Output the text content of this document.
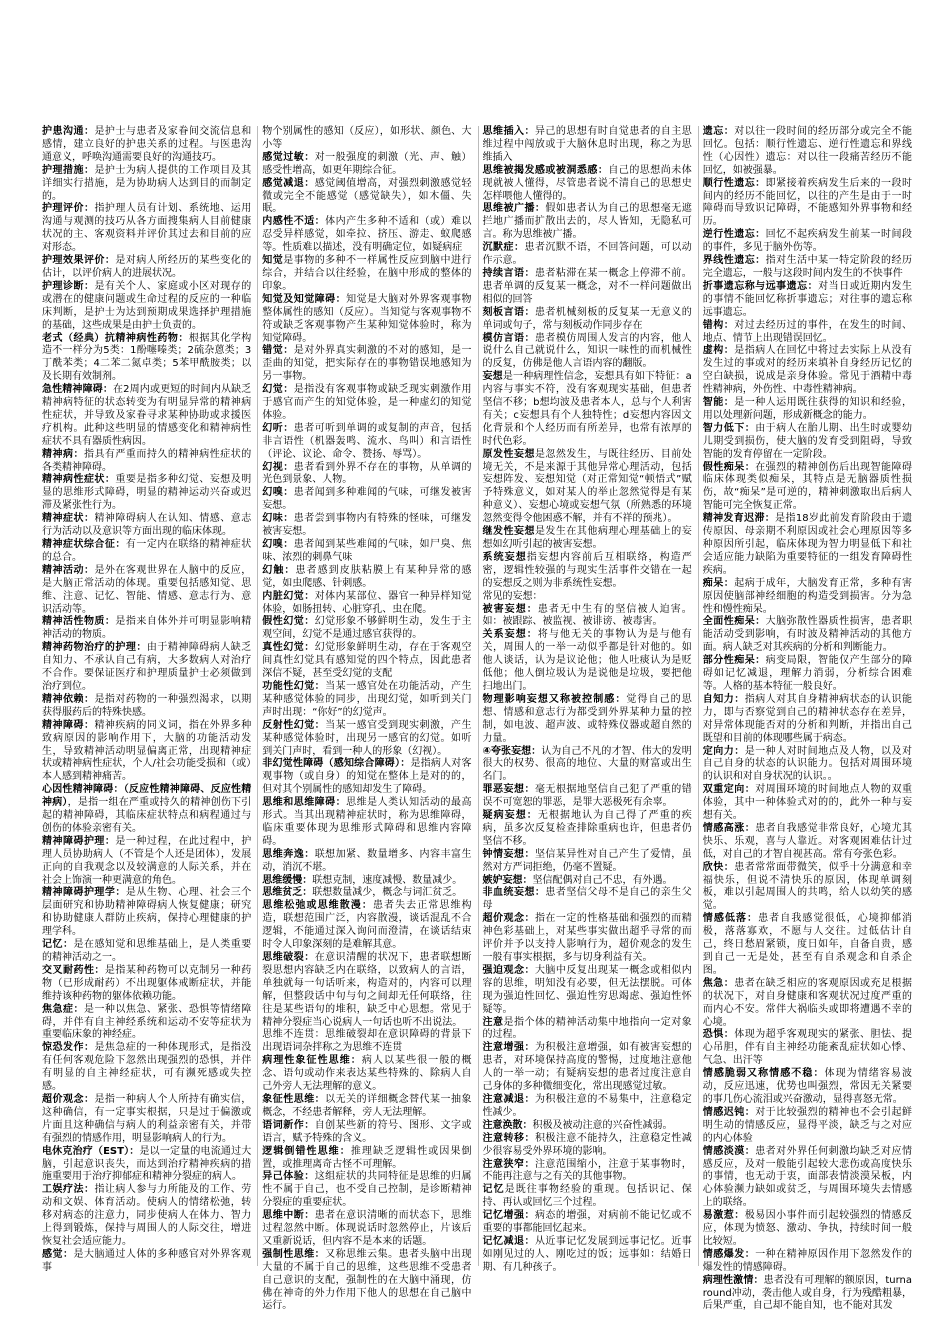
护患沟通：是护士与患者及家眷间交流信息和感情，建立良好的护患关系的过程。与医患沟通意义，呼唤沟通需要良好的沟通技巧。

护理措施：是护士为病人提供的工作项目及其详细实行措施，是为协助病人达到目的而制定的。

护理评价：指护理人员有计划、系统地、运用沟通与观测的技巧从各方面搜集病人目前健康状况的主、客观资料并评价其过去和目前的应对形态。

护理效果评价：是对病人所经历的某些变化的估计，以评价病人的进展状况。

护理诊断：是有关个人、家庭或小区对现存的或潜在的健康问题或生命过程的反应的一种临床判断，是护士为达到预期成果选择护理措施的基础，这些成果是由护士负责的。

老式（经典）抗精神病性药物：根据其化学构造不一样分为5类：1酚噻嗪类；2硫杂蒽类；3丁酰苯类；4二苯二氮卓类；5苯甲酰胺类；以及长期有效制剂。

急性精神障碍：在2周内或更短的时间内从缺乏精神病特征的状态转变为有明显异常的精神病性症状，并导致及家眷寻求某种协助或求援医疗机构。此种这些明显的情感变化和精神病性症状不具有器质性病因。

精神病：指具有严重而持久的精神病性症状的各类精神障碍。

精神病性症状：重要是指多种幻觉、妄想及明显的思维形式障碍，明显的精神运动兴奋或迟滞及紧张性行为。

精神症状：精神障碍病人在认知、情感、意志行为活动以及意识等方面出现的临床体现。

精神症状综合征：有一定内在联络的精神症状的总合。

精神活动：是外在客观世界在人脑中的反应，是大脑正常活动的体现。重要包括感知觉、思维、注意、记忆、智能、情感、意志行为、意识活动等。

精神活性物质：是指来自体外并可明显影响精神活动的物质。

精神药物治疗的护理：由于精神障碍病人缺乏自知力、不承认自己有病，大多数病人对治疗不合作。要保证医疗和护理质量护士必须做到治疗到位。

精神依赖：是指对药物的一种强烈渴求，以期获得服药后的特殊快感。

精神障碍：精神疾病的同义词，指在外界多种致病原因的影响作用下，大脑的功能活动发生，导致精神活动明显偏离正常，出现精神症状或精神病性症状，个人/社会功能受损和（或）本人感到精神痛苦。

心因性精神障碍：（反应性精神障碍、反应性精神病），是指一组在严重或持久的精神创伤下引起的精神障碍，其临床症状特点和病程通过与创伤的体验亲密有关。

精神障碍护理：是一种过程，在此过程中，护理人员协助病人（不管是个人还是团体），发展正向的自我观念以及较满意的人际关系，并在社会上饰演一种更满意的角色。

精神障碍护理学：是从生物、心理、社会三个层面研究和协助精神障碍病人恢复健康；研究和协助健康人群防止疾病，保持心理健康的护理学科。

记忆：是在感知觉和思维基础上，是人类重要的精神活动之一。

交叉耐药性：是指某种药物可以克制另一种药物（已形成耐药）不出现躯体戒断症状，并能维持该种药物的躯体依赖功能。

焦急症：是一种以焦急、紧张、恐惧等情绪障碍，并伴有自主神经系统和运动不安等症状为重要临床象的神经症。

惊恐发作：是焦急症的一种体现形式，是指没有任何客观危险下忽然出现强烈的恐惧，并伴有明显的自主神经症状，可有濒死感或失控感。

超价观念：是指一种病人个人所持有确实信，这种确信，有一定事实根据，只是过于偏激或片面且这种确信与病人的利益亲密有关，并带有强烈的情感作用，明显影响病人的行为。

电休克治疗（EST）：是以一定量的电流通过大脑，引起意识丧失，而达到治疗精神疾病的措施重要用于治疗抑郁症和精神分裂症的病人。

工娱疗法：指让病人参与力所能及的工作、劳动和文娱、体育活动。使病人的情绪松弛，转移对病态的注意力，同步使病人在体力、智力上得到锻炼，保持与周围人的人际交往，增进恢复社会适应能力。

感觉：是大脑通过人体的多种感官对外界客观事

物个别属性的感知（反应），如形状、颜色、大小等

感觉过敏：对一般强度的刺激（光、声、触）感受性增高，如更年期综合征。

感觉减退：感觉阈值增高，对强烈刺激感觉轻微或完全不能感觉（感觉缺失），如木僵、失眠。

内感性不适：体内产生多种不适和（或）难以忍受异样感觉，如牵拉、挤压、游走、蚁爬感等。性质难以描述，没有明确定位，如疑病症

知觉是事物的多种不一样属性反应到脑中进行综合，并结合以往经验，在脑中形成的整体的印象。

知觉及知觉障碍：知觉是大脑对外界客观事物整体属性的感知（反应）。当知觉与客观事物不符或缺乏客观事物产生某种知觉体验时，称为知觉障碍。

错觉：是对外界真实刺激的不对的感知，是一歪曲的知觉，把实际存在的事物错误地感知为另一事物。

幻觉：是指没有客观事物或缺乏现实刺激作用于感官而产生的知觉体验，是一种虚幻的知觉体验。

幻听：患者可听到单调的或复制的声音，包括非言语性（机器轰鸣、流水、鸟叫）和言语性（评论、议论、命令、赞扬、辱骂）。

幻视：患者看到外界不存在的事物，从单调的光色到景象、人物。

幻嗅：患者闻到多种难闻的气味，可继发被害妄想。

幻味：患者尝到事物内有特殊的怪味，可继发被害妄想。

幻嗅：患者闻到某些难闻的气味，如尸臭、焦味、浓烈的刺鼻气味

幻触：患者感到皮肤粘膜上有某种异常的感觉，如虫爬感、针刺感。

内脏幻觉：对体内某部位、器官一种异样知觉体验，如肠扭转、心脏穿孔、虫在爬。

假性幻觉：幻觉形象不够鲜明生动，发生于主观空间，幻觉不是通过感官获得的。

真性幻觉：幻觉形象鲜明生动，存在于客观空间真性幻觉具有感知觉的四个特点，因此患者深信不疑，甚至受幻觉的支配

功能性幻觉：当某一感官处在功能活动，产生某种感觉体验的同步，出现幻觉，如听到关门声时出现：“你好”的幻觉声。

反射性幻觉：当某一感官受到现实刺激，产生某种感觉体验时，出现另一感官的幻觉。如听到关门声时，看到一种人的形象（幻视）。

非幻觉性障碍（感知综合障碍）：是指病人对客观事物（或自身）的知觉在整体上是对的的，但对其个别属性的感知却发生了障碍。

思维和思维障碍：思维是人类认知活动的最高形式。当其出现精神症状时，称为思维障碍，临床重要体现为思维形式障碍和思维内容障碍。

思维奔逸：联想加紧、数量增多、内容丰富生动，消沉不堪。

思维缓慢：联想克制，速度减慢、数量减少。

思维贫乏：联想数量减少，概念与词汇贫乏。

思维松弛或思维散漫：患者失去正常思维构造，联想范围广泛，内容散漫，谈话混乱不合逻辑，不能通过深入询问而澄清，在谈话结束时令人印象深刻的是难解其意。

思维破裂：在意识清醒的状况下，患者联想断裂思想内容缺乏内在联络，以致病人的言语，单独就每一句话听来，构造对的，内容可以理解，但整段话中句与句之间却无任何联络，往往是某些语句的堆积，缺乏中心思想。常见于精神分裂症当心说病人一句话也听不出说法。

思维不连贯：思维破裂却在意识障碍的背景下出现语词杂拌称之为思维不连贯

病理性象征性思维：病人以某些很一般的概念、语句或动作来表达某些特殊的、除病人自己外旁人无法理解的意义。

象征性思维：以无关的详细概念替代某一抽象概念，不经患者解释，旁人无法理解。

语词新作：自创某些新的符号、图形、文字或语言，赋予特殊的含义。

逻辑倒错性思维：推理缺乏逻辑性或因果倒置，或推理离奇古怪不可理解。

异己体验：这组症状的共同特征是思维的归属性不属于自己，也不受自己控制，是诊断精神分裂症的重要症状。

思维中断：患者在意识清晰的而状态下，思维过程忽然中断。体现说话时忽然停止，片该后又重新说话，但内容不是本来的话题。

强制性思维：又称思维云集。患者头脑中出现大量的不属于自己的思维，这些思维不受患者自己意识的支配，强制性的在大脑中涌现，仿佛在神奇的外力作用下他人的思想在自己脑中运行。

思维插入：异己的思想有时自觉患者的自主思维过程中闯放或于大脑休息时出现，称之为思维插入

思维被揭发感或被洞悉感：自己的思想尚未体现就被人懂得，尽管患者说不清自己的思想史怎样喂他人懂得的。

思维被广播：假如患者认为自己的思想毫无遮拦地广播而扩散出去的，尽人皆知，无隐私可言。称为思维被广播。

沉默症：患者沉默不语，不回答问题，可以动作示意。

持续言语：患者粘滞在某一概念上停滞不前。患者单调的反复某一概念，对不一样问题做出相似的回答

刻板言语：患者机械刻板的反复某一无意义的单词或句子，常与刻板动作同步存在

模仿言语：患者模仿周围人发言的内容，他人说什么自己就说什么，知识一味性的而机械性的反复，仿佛是他人言语内容的翻版。

妄想是一种病理性信念，妄想具有如下特征：a内容与事实不符，没有客观现实基础，但患者坚信不移；b想均波及患者本人，总与个人利害有关；c妄想具有个人独特性；d妄想内容因文化背景和个人经历而有所差异，也常有浓厚的时代色彩。

原发性妄想是忽然发生，与既往经历、目前处境无关，不是来源于其他异常心理活动，包括妄想阵发、妄想知觉（对正常知觉“顿悟式”赋予特殊意义，如对某人的举止忽然觉得是有某种意义）、妄想心境或妄想气氛（所熟悉的环境忽然变得令他困惑不解，并有不祥的预兆）。

继发性妄想是发生在其他病理心理基础上的妄想如幻听引起的被害妄想。

系统妄想指妄想内容前后互相联络，构造严密，逻辑性较强的与现实生活事件交错在一起的妄想反之则为非系统性妄想。

常见的妄想：

被害妄想：患者无中生有的坚信被人迫害。如：被跟踪、被监视、被诽谤、被毒害。

关系妄想：将与他无关的事物认为是与他有关，周围人的一举一动似乎都是针对他的。如他人谈话，认为是议论他；他人吐痰认为是贬低他；他人倒垃圾认为是说他是垃圾，要把他扫地出门。

物理影响妄想又称被控制感：觉得自己的思想、情感和意志行为都受到外界某种力量的控制，如电波、超声波、或特殊仪器或超自然的力量。

④夸张妄想：认为自己不凡的才智、伟大的发明很大的权势、很高的地位、大量的财富或出生名门。

罪恶妄想：毫无根据地坚信自己犯了严重的错误不可宽恕的罪恶，是罪大恶极死有余辜。

疑病妄想：无根据地认为自己得了严重的疾病，虽多次反复检查排除重病也许，但患者仍坚信不移。

钟情妄想：坚信某异性对自己产生了爱情，虽然对方严词拒绝，仍毫不置疑。

嫉妒妄想：坚信配偶对自己不忠，有外遇。

非血统妄想：患者坚信父母不是自己的亲生父母

超价观念：指在一定的性格基础和强烈的而精神色彩基础上，对某些事实做出超乎寻常的而评价并予以支持人影响行为，超价观念的发生一般有事实根据，多与切身利益有关。

强迫观念：大脑中反复出现某一概念或相似内容的思维，明知没有必要，但无法摆脱。可体现为强迫性回忆、强迫性穷思竭虑、强迫性怀疑等。

注意是指个体的精神活动集中地指向一定对象的过程。

注意增强：为积极注意增强，如有被害妄想的患者，对环境保持高度的警惕，过度地注意他人的一举一动；有疑病妄想的患者过度注意自己身体的多种微细变化，常出现感觉过敏。

注意减退：为积极注意的不易集中，注意稳定性减少。

注意涣散：积极及被动注意的兴奋性减弱。

注意转移：积极注意不能持久，注意稳定性减少很容易受外界环境的影响。

注意狭窄：注意范围缩小，注意于某事物时，不能再注意与之有关的其他事物。

记忆是既往事物经验的重现。包括识记、保持、再认或回忆三个过程。

记忆增强：病态的增强，对病前不能记忆或不重要的事都能回忆起来。

记忆减退：从近事记忆发展到远事记忆。近事如刚见过的人、刚吃过的饭；远事如：结婚日期、有几种孩子。

遗忘：对以往一段时间的经历部分或完全不能回忆。包括：顺行性遗忘、逆行性遗忘和界线性（心因性）遗忘：对以往一段痛苦经历不能回忆，如被强暴。

顺行性遗忘：即紧接着疾病发生后来的一段时间内的经历不能回忆，以往的产生是由于一时障碍而导致识记障碍，不能感知外界事物和经历。

逆行性遗忘：回忆不起疾病发生前某一时间段的事件，多见于脑外伤等。

界线性遗忘：指对生活中某一特定阶段的经历完全遗忘，一般与这段时间内发生的不快事件

折事遗忘称与远事遗忘：对当日或近期内发生的事情不能回忆称折事遗忘；对往事的遗忘称远事遗忘。

错构：对过去经历过的事件，在发生的时间、地点、情节上出现错误回忆。

虚构：是指病人在回忆中将过去实际上从没有发生过的事或对的经历来填补自身经历记忆的空白缺损，说成是亲身体验。常见于酒精中毒性精神病，外伤性、中毒性精神病。

智能：是一种人运用既往获得的知识和经验，用以处理新问题，形成新概念的能力。

智力低下：由于病人在胎儿期、出生时或婴幼儿期受到损伤，使大脑的发育受到阻碍，导致智能的发育停留在一定阶段。

假性痴呆：在强烈的精神创伤后出现智能障碍临床体现类似痴呆，其特点是无脑器质性损伤，故“痴呆”是可逆的，精神刺激取出后病人智能可完全恢复正常。

精神发育迟滞：是指18岁此前发育阶段由于遗传原因、母亲期不利原因或社会心理原因等多种原因所引起，临床体现为智力明显低下和社会适应能力缺陷为重要特征的一组发育障碍性疾病。

痴呆：起病于成年，大脑发育正常，多种有害原因使脑部神经细胞的构造受到损害。分为急性和慢性痴呆。

全面性痴呆：大脑弥散性器质性损害，患者职能活动受到影响，有时波及精神活动的其他方面。病人缺乏对其疾病的分析和判断能力。

部分性痴呆：病变局限，智能仅产生部分的障碍如记忆减退，理解力消弱，分析综合困难等。人格的基本特征一般良好。

自知力：指病人对其自身精神病状态的认识能力，即与否察觉到自己的精神状态存在差异，对异常体现能否对的分析和判断，并指出自己既望和目前的体现哪些属于病态。

定向力：是一种人对时间地点及人物，以及对自己自身的状态的认识能力。包括对周围环境的认识和对自身状况的认识。。

双重定向：对周围环境的时间地点人物的双重体验，其中一种体验式对的的，此外一种与妄想有关。

情感高涨：患者自我感觉非常良好，心境尤其快乐、乐观，喜与人靠近。对客观困难估计过低，对自己的才智自视甚高。常有夸张色彩。

欣快：患者常常面带微笑，似乎十分满意和幸福快乐，但说不清快乐的原因，体现单调刻板，难以引起周围人的共鸣，给人以幼笑的感觉。

情感低落：患者自我感觉很低，心境抑郁消极，落落寡欢，不愿与人交往。过低估计自己，终日愁眉紧锁，度日如年，自备自贵，感到自己一无是处，甚至有自杀观念和自杀企图。

焦急：患者在缺乏相应的客观原因或充足根据的状况下，对自身健康和客观状况过度严重的而内心不安。常伴大祸临头或即将遭遇不幸的心境。

恐惧：体现为超乎客观现实的紧张、胆怯、提心吊胆，伴有自主神经功能紊乱症状如心悸、气急、出汗等

情感脆弱又称情感不稳：体现为情绪容易波动，反应迅速，优势也叫强烈，常因无关紧要的事几伤心流泪或兴奋激动，显得喜怒无常。

情感迟钝：对于比较强烈的精神也不会引起鲜明生动的情感反应，显得平淡，缺乏与之对应的内心体验

情感淡漠：患者对外界任何刺激均缺乏对应情感反应，及对一般能引起较大悲伤或高度快乐的事情，也无动于衷，面部表情淡漠呆板，内心体验濒力缺如或贫乏，与周围环境失去情感上的联络。

易激惹：极易因小事件而引起较强烈的情感反应，体现为愤怒、激动、争执，持续时间一般比较短。

情感爆发：一种在精神原因作用下忽然发作的爆发性的情感障碍。

病理性激情：患者没有可理解的额原因，turnaround冲动，袭击他人或自身，行为残酷粗暴，后果严重，自己却不能自知，也不能对其发
